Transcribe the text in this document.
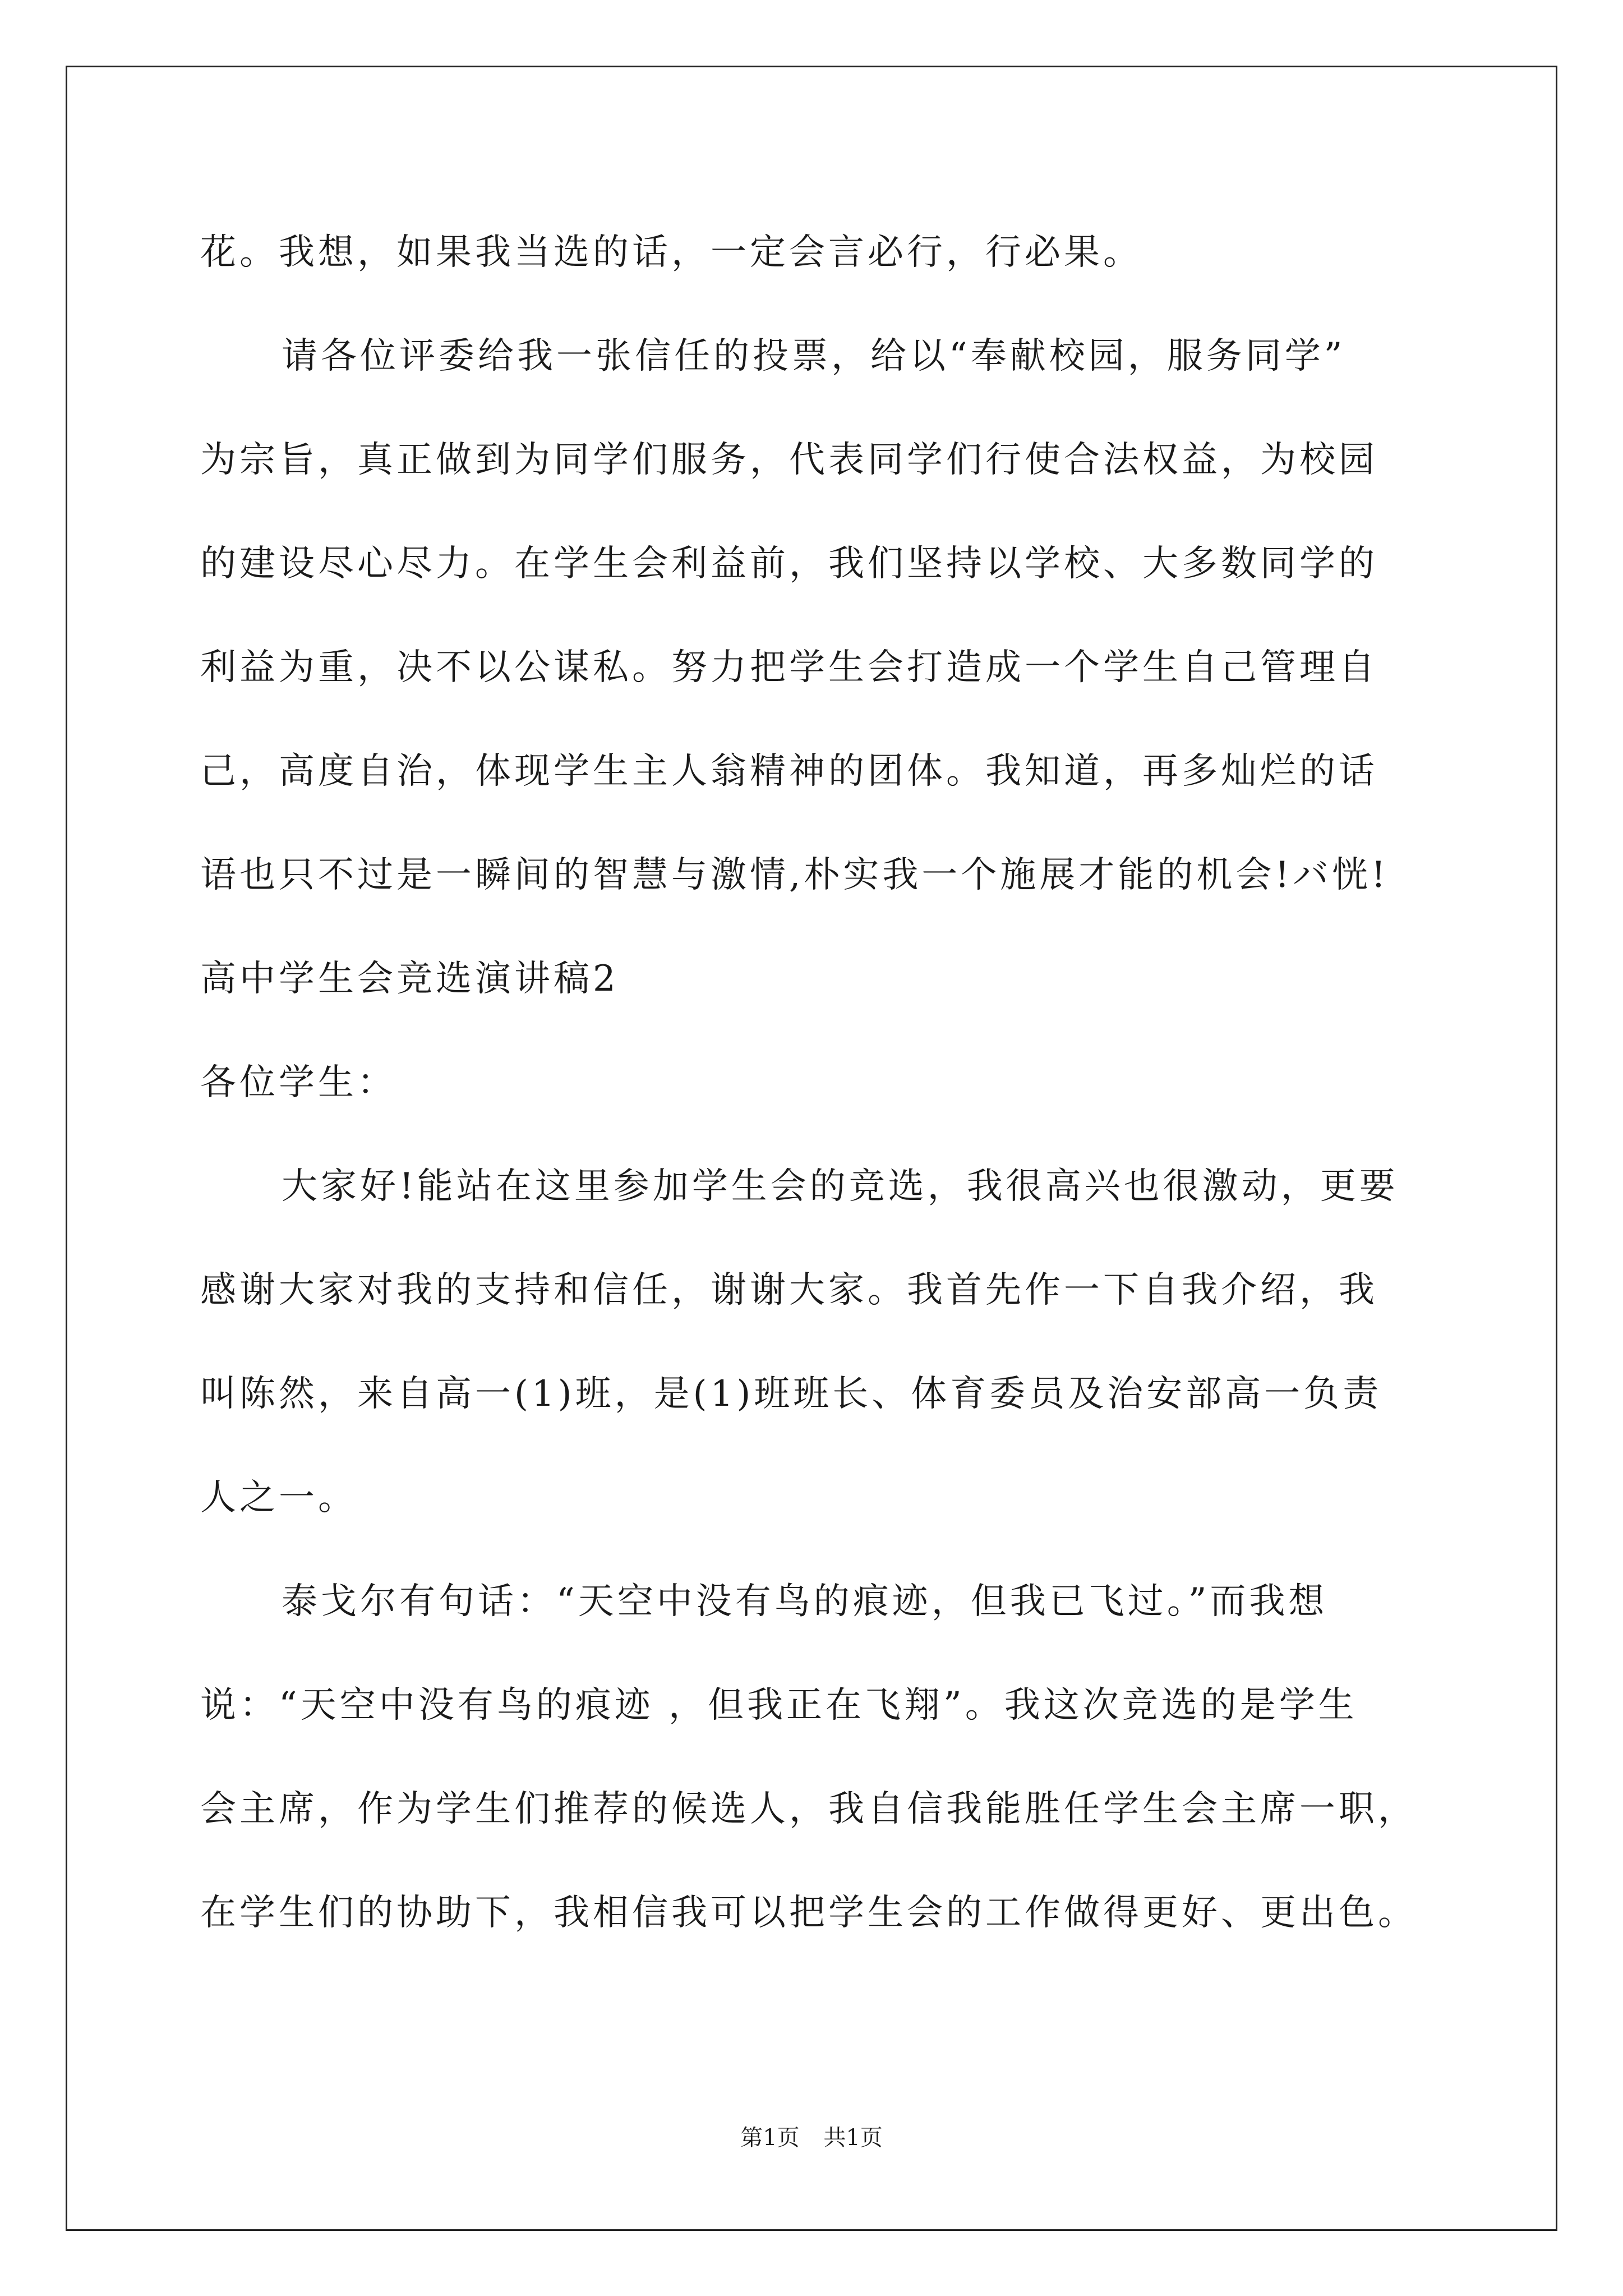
花。我想，如果我当选的话，一定会言必行，行必果。

请各位评委给我一张信任的投票，给以“奉献校园，服务同学”

为宗旨，真正做到为同学们服务，代表同学们行使合法权益，为校园

的建设尽心尽力。在学生会利益前，我们坚持以学校、大多数同学的

利益为重，决不以公谋私。努力把学生会打造成一个学生自己管理自

己，高度自治，体现学生主人翁精神的团体。我知道，再多灿烂的话

语也只不过是一瞬间的智慧与激情,朴实我一个施展才能的机会!バ恍!

高中学生会竞选演讲稿2

各位学生：

大家好!能站在这里参加学生会的竞选，我很高兴也很激动，更要

感谢大家对我的支持和信任，谢谢大家。我首先作一下自我介绍，我

叫陈然，来自高一(1)班，是(1)班班长、体育委员及治安部高一负责

人之一。

泰戈尔有句话：“天空中没有鸟的痕迹，但我已飞过。”而我想

说：“天空中没有鸟的痕迹 ，但我正在飞翔”。我这次竞选的是学生

会主席，作为学生们推荐的候选人，我自信我能胜任学生会主席一职，

在学生们的协助下，我相信我可以把学生会的工作做得更好、更出色。

第1页 共1页
